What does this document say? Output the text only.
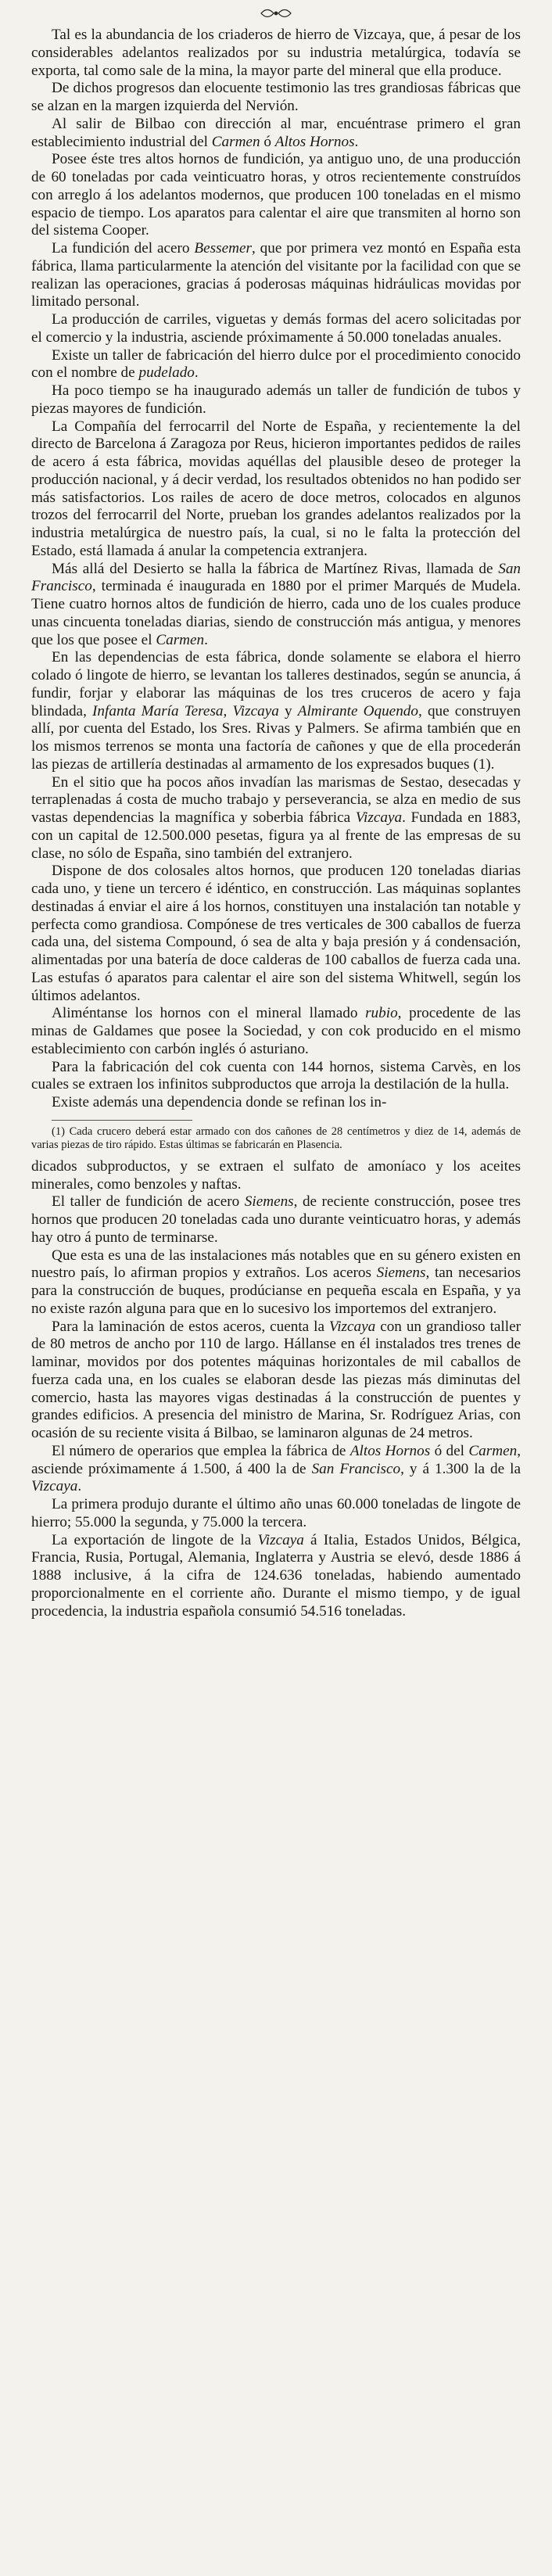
Tal es la abundancia de los criaderos de hierro de Vizcaya, que, á pesar de los considerables adelantos realizados por su industria metalúrgica, todavía se exporta, tal como sale de la mina, la mayor parte del mineral que ella produce.

De dichos progresos dan elocuente testimonio las tres grandiosas fábricas que se alzan en la margen izquierda del Nervión.

Al salir de Bilbao con dirección al mar, encuéntrase primero el gran establecimiento industrial del Carmen ó Altos Hornos.

Posee éste tres altos hornos de fundición, ya antiguo uno, de una producción de 60 toneladas por cada veinticuatro horas, y otros recientemente construídos con arreglo á los adelantos modernos, que producen 100 toneladas en el mismo espacio de tiempo. Los aparatos para calentar el aire que transmiten al horno son del sistema Cooper.

La fundición del acero Bessemer, que por primera vez montó en España esta fábrica, llama particularmente la atención del visitante por la facilidad con que se realizan las operaciones, gracias á poderosas máquinas hidráulicas movidas por limitado personal.

La producción de carriles, viguetas y demás formas del acero solicitadas por el comercio y la industria, asciende próximamente á 50.000 toneladas anuales.

Existe un taller de fabricación del hierro dulce por el procedimiento conocido con el nombre de pudelado.

Ha poco tiempo se ha inaugurado además un taller de fundición de tubos y piezas mayores de fundición.

La Compañía del ferrocarril del Norte de España, y recientemente la del directo de Barcelona á Zaragoza por Reus, hicieron importantes pedidos de railes de acero á esta fábrica, movidas aquéllas del plausible deseo de proteger la producción nacional, y á decir verdad, los resultados obtenidos no han podido ser más satisfactorios. Los railes de acero de doce metros, colocados en algunos trozos del ferrocarril del Norte, prueban los grandes adelantos realizados por la industria metalúrgica de nuestro país, la cual, si no le falta la protección del Estado, está llamada á anular la competencia extranjera.

Más allá del Desierto se halla la fábrica de Martínez Rivas, llamada de San Francisco, terminada é inaugurada en 1880 por el primer Marqués de Mudela. Tiene cuatro hornos altos de fundición de hierro, cada uno de los cuales produce unas cincuenta toneladas diarias, siendo de construcción más antigua, y menores que los que posee el Carmen.

En las dependencias de esta fábrica, donde solamente se elabora el hierro colado ó lingote de hierro, se levantan los talleres destinados, según se anuncia, á fundir, forjar y elaborar las máquinas de los tres cruceros de acero y faja blindada, Infanta María Teresa, Vizcaya y Almirante Oquendo, que construyen allí, por cuenta del Estado, los Sres. Rivas y Palmers. Se afirma también que en los mismos terrenos se monta una factoría de cañones y que de ella procederán las piezas de artillería destinadas al armamento de los expresados buques (1).

En el sitio que ha pocos años invadían las marismas de Sestao, desecadas y terraplenadas á costa de mucho trabajo y perseverancia, se alza en medio de sus vastas dependencias la magnífica y soberbia fábrica Vizcaya. Fundada en 1883, con un capital de 12.500.000 pesetas, figura ya al frente de las empresas de su clase, no sólo de España, sino también del extranjero.

Dispone de dos colosales altos hornos, que producen 120 toneladas diarias cada uno, y tiene un tercero é idéntico, en construcción. Las máquinas soplantes destinadas á enviar el aire á los hornos, constituyen una instalación tan notable y perfecta como grandiosa. Compónese de tres verticales de 300 caballos de fuerza cada una, del sistema Compound, ó sea de alta y baja presión y á condensación, alimentadas por una batería de doce calderas de 100 caballos de fuerza cada una. Las estufas ó aparatos para calentar el aire son del sistema Whitwell, según los últimos adelantos.

Aliméntanse los hornos con el mineral llamado rubio, procedente de las minas de Galdames que posee la Sociedad, y con cok producido en el mismo establecimiento con carbón inglés ó asturiano.

Para la fabricación del cok cuenta con 144 hornos, sistema Carvès, en los cuales se extraen los infinitos subproductos que arroja la destilación de la hulla.

Existe además una dependencia donde se refinan los in-

(1) Cada crucero deberá estar armado con dos cañones de 28 centímetros y diez de 14, además de varias piezas de tiro rápido. Estas últimas se fabricarán en Plasencia.

dicados subproductos, y se extraen el sulfato de amoníaco y los aceites minerales, como benzoles y naftas.

El taller de fundición de acero Siemens, de reciente construcción, posee tres hornos que producen 20 toneladas cada uno durante veinticuatro horas, y además hay otro á punto de terminarse.

Que esta es una de las instalaciones más notables que en su género existen en nuestro país, lo afirman propios y extraños. Los aceros Siemens, tan necesarios para la construcción de buques, prodúcianse en pequeña escala en España, y ya no existe razón alguna para que en lo sucesivo los importemos del extranjero.

Para la laminación de estos aceros, cuenta la Vizcaya con un grandioso taller de 80 metros de ancho por 110 de largo. Hállanse en él instalados tres trenes de laminar, movidos por dos potentes máquinas horizontales de mil caballos de fuerza cada una, en los cuales se elaboran desde las piezas más diminutas del comercio, hasta las mayores vigas destinadas á la construcción de puentes y grandes edificios. A presencia del ministro de Marina, Sr. Rodríguez Arias, con ocasión de su reciente visita á Bilbao, se laminaron algunas de 24 metros.

El número de operarios que emplea la fábrica de Altos Hornos ó del Carmen, asciende próximamente á 1.500, á 400 la de San Francisco, y á 1.300 la de la Vizcaya.

La primera produjo durante el último año unas 60.000 toneladas de lingote de hierro; 55.000 la segunda, y 75.000 la tercera.

La exportación de lingote de la Vizcaya á Italia, Estados Unidos, Bélgica, Francia, Rusia, Portugal, Alemania, Inglaterra y Austria se elevó, desde 1886 á 1888 inclusive, á la cifra de 124.636 toneladas, habiendo aumentado proporcionalmente en el corriente año. Durante el mismo tiempo, y de igual procedencia, la industria española consumió 54.516 toneladas.
